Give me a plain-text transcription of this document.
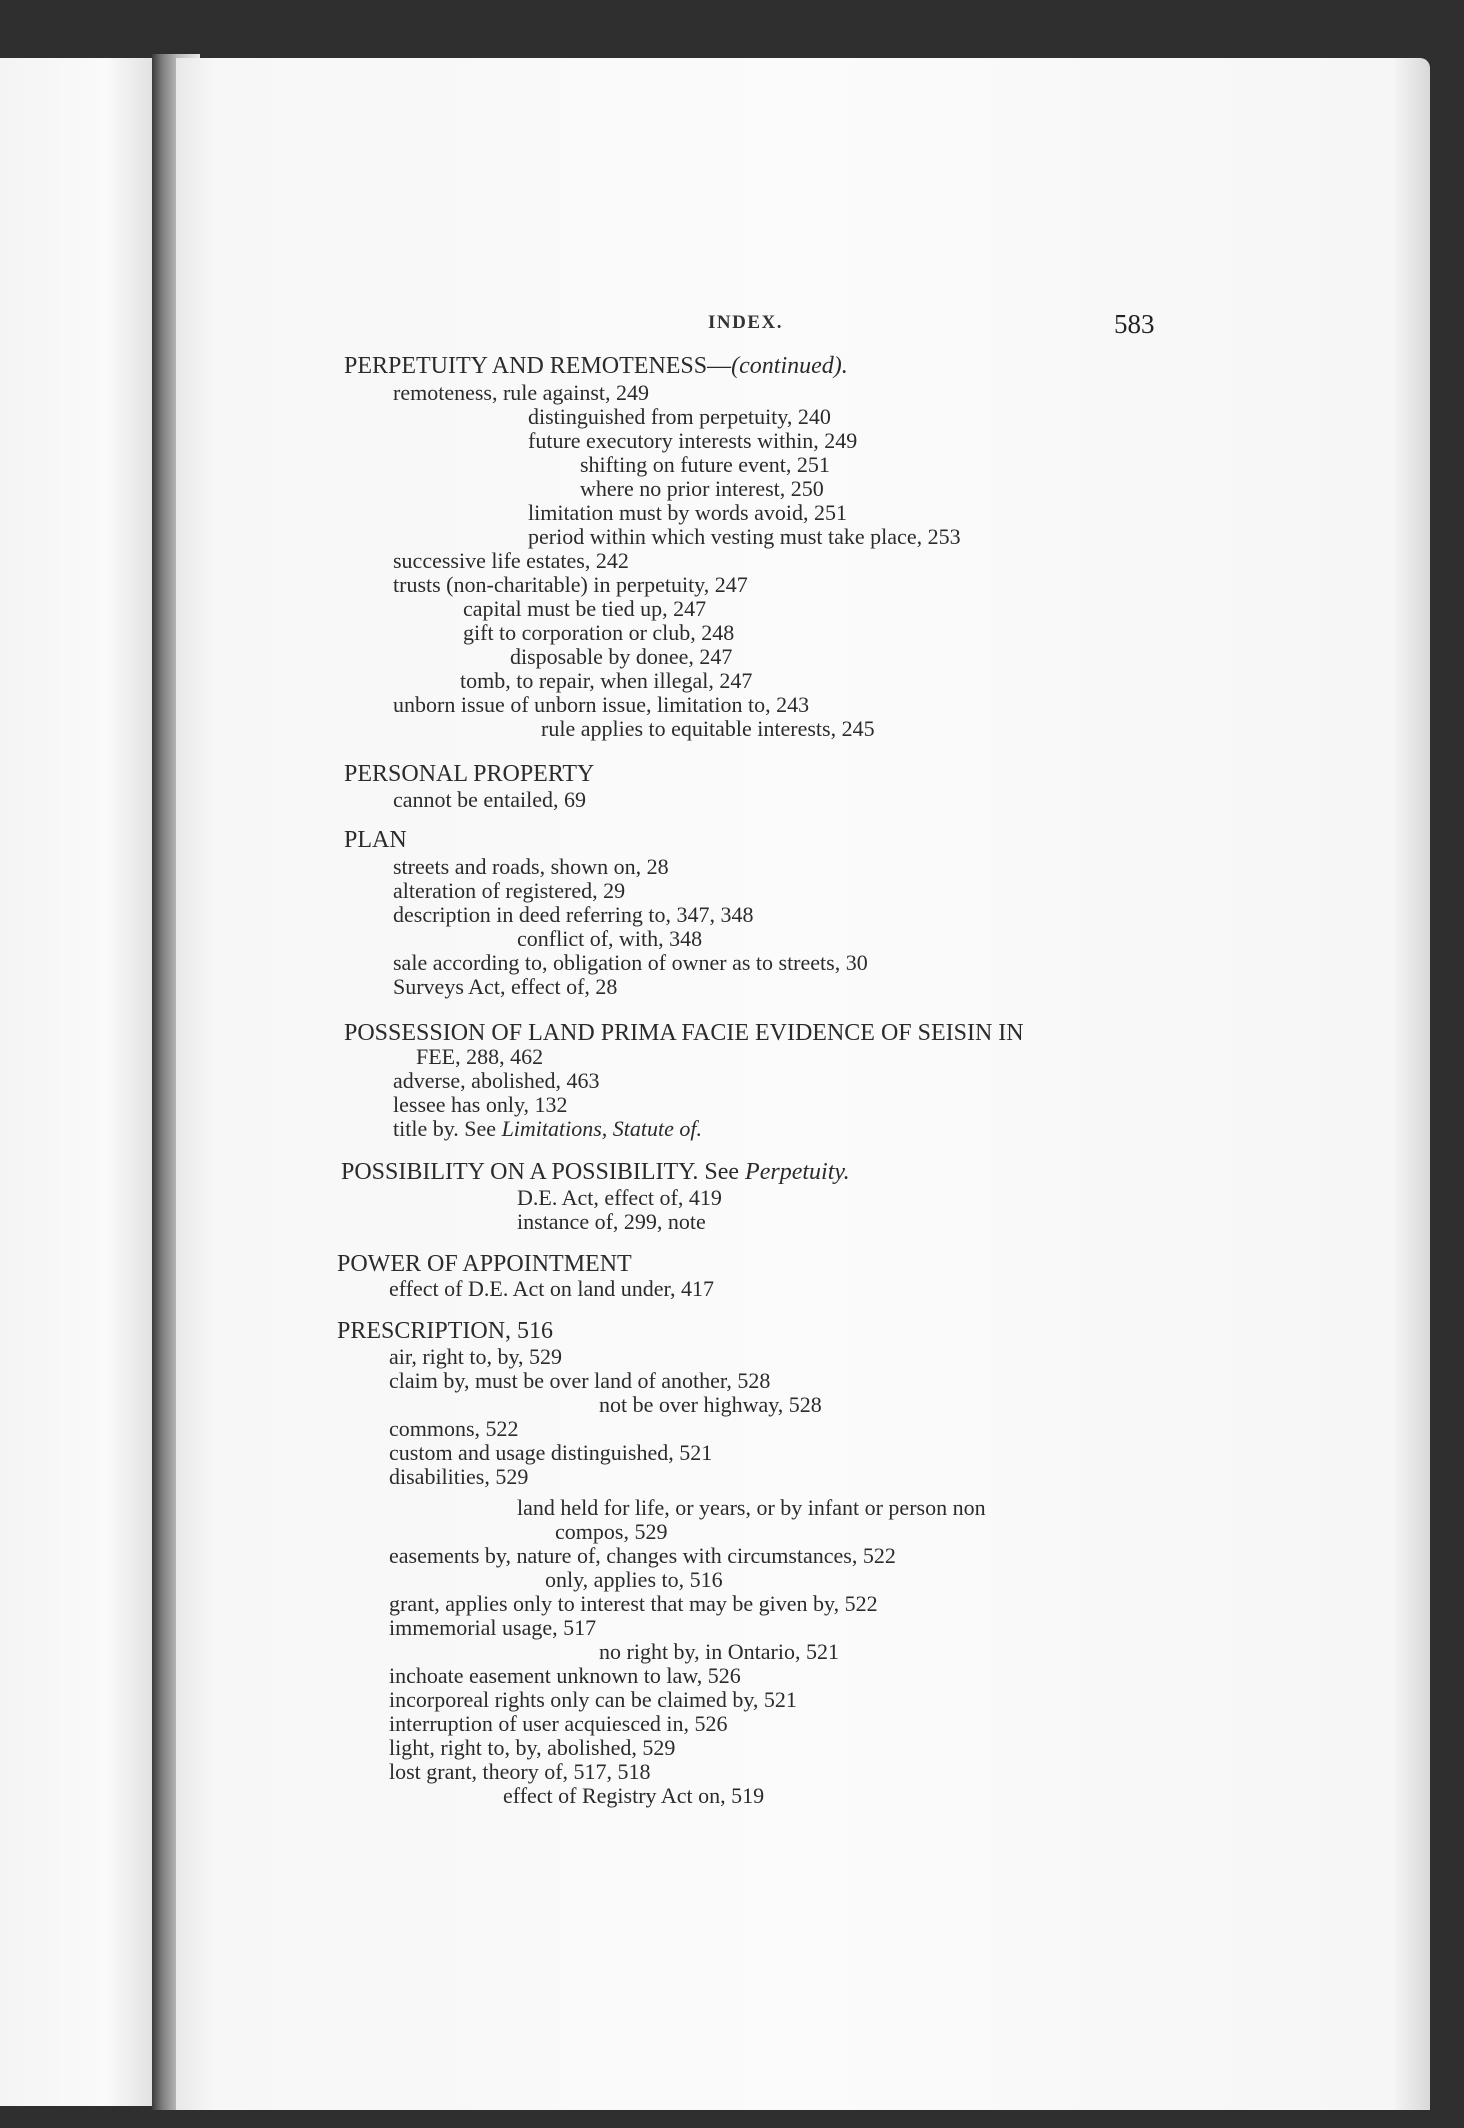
INDEX.	583
PERPETUITY AND REMOTENESS—(continued).
remoteness, rule against, 249
distinguished from perpetuity, 240
future executory interests within, 249
shifting on future event, 251
where no prior interest, 250
limitation must by words avoid, 251
period within which vesting must take place, 253
successive life estates, 242
trusts (non-charitable) in perpetuity, 247
capital must be tied up, 247
gift to corporation or club, 248
disposable by donee, 247
tomb, to repair, when illegal, 247
unborn issue of unborn issue, limitation to, 243
rule applies to equitable interests, 245
PERSONAL PROPERTY
cannot be entailed, 69
PLAN
streets and roads, shown on, 28
alteration of registered, 29
description in deed referring to, 347, 348
conflict of, with, 348
sale according to, obligation of owner as to streets, 30
Surveys Act, effect of, 28
POSSESSION OF LAND PRIMA FACIE EVIDENCE OF SEISIN IN
FEE, 288, 462
adverse, abolished, 463
lessee has only, 132
title by. See Limitations, Statute of.
POSSIBILITY ON A POSSIBILITY. See Perpetuity.
D.E. Act, effect of, 419
instance of, 299, note
POWER OF APPOINTMENT
effect of D.E. Act on land under, 417
PRESCRIPTION, 516
air, right to, by, 529
claim by, must be over land of another, 528
not be over highway, 528
commons, 522
custom and usage distinguished, 521
disabilities, 529
land held for life, or years, or by infant or person non
compos, 529
easements by, nature of, changes with circumstances, 522
only, applies to, 516
grant, applies only to interest that may be given by, 522
immemorial usage, 517
no right by, in Ontario, 521
inchoate easement unknown to law, 526
incorporeal rights only can be claimed by, 521
interruption of user acquiesced in, 526
light, right to, by, abolished, 529
lost grant, theory of, 517, 518
effect of Registry Act on, 519
